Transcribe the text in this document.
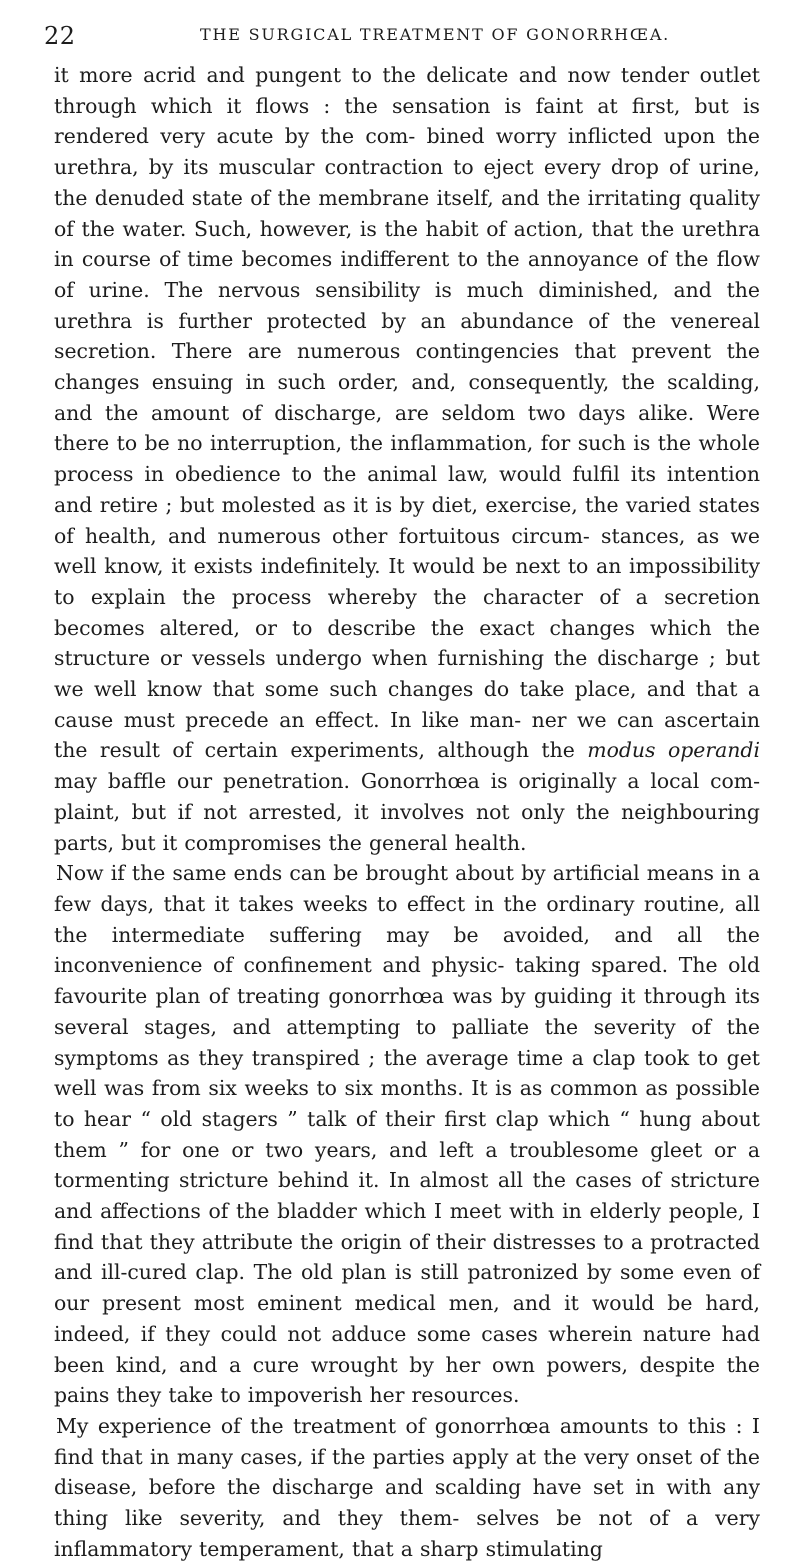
22	THE SURGICAL TREATMENT OF GONORRHŒA.

it more acrid and pungent to the delicate and now tender outlet through which it flows : the sensation is faint at first, but is rendered very acute by the com- bined worry inflicted upon the urethra, by its muscular contraction to eject every drop of urine, the denuded state of the membrane itself, and the irritating quality of the water. Such, however, is the habit of action, that the urethra in course of time becomes indifferent to the annoyance of the flow of urine. The nervous sensibility is much diminished, and the urethra is further protected by an abundance of the venereal secretion. There are numerous contingencies that prevent the changes ensuing in such order, and, consequently, the scalding, and the amount of discharge, are seldom two days alike. Were there to be no interruption, the inflammation, for such is the whole process in obedience to the animal law, would fulfil its intention and retire ; but molested as it is by diet, exercise, the varied states of health, and numerous other fortuitous circum- stances, as we well know, it exists indefinitely. It would be next to an impossibility to explain the process whereby the character of a secretion becomes altered, or to describe the exact changes which the structure or vessels undergo when furnishing the discharge ; but we well know that some such changes do take place, and that a cause must precede an effect. In like man- ner we can ascertain the result of certain experiments, although the modus operandi may baffle our penetration. Gonorrhœa is originally a local com- plaint, but if not arrested, it involves not only the neighbouring parts, but it compromises the general health.

Now if the same ends can be brought about by artificial means in a few days, that it takes weeks to effect in the ordinary routine, all the intermediate suffering may be avoided, and all the inconvenience of confinement and physic- taking spared. The old favourite plan of treating gonorrhœa was by guiding it through its several stages, and attempting to palliate the severity of the symptoms as they transpired ; the average time a clap took to get well was from six weeks to six months. It is as common as possible to hear “ old stagers ” talk of their first clap which “ hung about them ” for one or two years, and left a troublesome gleet or a tormenting stricture behind it. In almost all the cases of stricture and affections of the bladder which I meet with in elderly people, I find that they attribute the origin of their distresses to a protracted and ill-cured clap. The old plan is still patronized by some even of our present most eminent medical men, and it would be hard, indeed, if they could not adduce some cases wherein nature had been kind, and a cure wrought by her own powers, despite the pains they take to impoverish her resources.

My experience of the treatment of gonorrhœa amounts to this : I find that in many cases, if the parties apply at the very onset of the disease, before the discharge and scalding have set in with any thing like severity, and they them- selves be not of a very inflammatory temperament, that a sharp stimulating
